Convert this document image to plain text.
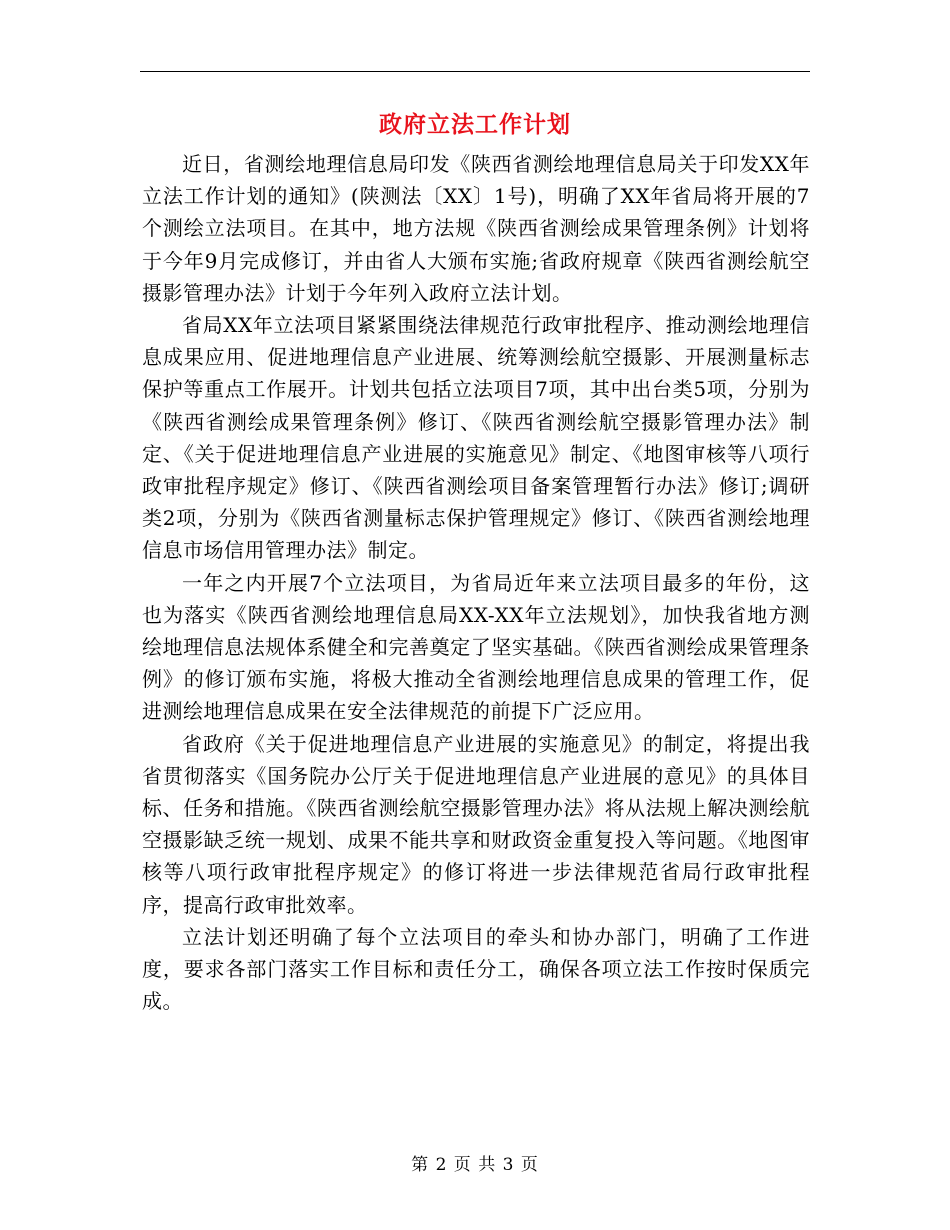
政府立法工作计划

近日，省测绘地理信息局印发《陕西省测绘地理信息局关于印发XX年立法工作计划的通知》(陕测法〔XX〕1号)，明确了XX年省局将开展的7个测绘立法项目。在其中，地方法规《陕西省测绘成果管理条例》计划将于今年9月完成修订，并由省人大颁布实施;省政府规章《陕西省测绘航空摄影管理办法》计划于今年列入政府立法计划。

省局XX年立法项目紧紧围绕法律规范行政审批程序、推动测绘地理信息成果应用、促进地理信息产业进展、统筹测绘航空摄影、开展测量标志保护等重点工作展开。计划共包括立法项目7项，其中出台类5项，分别为《陕西省测绘成果管理条例》修订、《陕西省测绘航空摄影管理办法》制定、《关于促进地理信息产业进展的实施意见》制定、《地图审核等八项行政审批程序规定》修订、《陕西省测绘项目备案管理暂行办法》修订;调研类2项，分别为《陕西省测量标志保护管理规定》修订、《陕西省测绘地理信息市场信用管理办法》制定。

一年之内开展7个立法项目，为省局近年来立法项目最多的年份，这也为落实《陕西省测绘地理信息局XX-XX年立法规划》，加快我省地方测绘地理信息法规体系健全和完善奠定了坚实基础。《陕西省测绘成果管理条例》的修订颁布实施，将极大推动全省测绘地理信息成果的管理工作，促进测绘地理信息成果在安全法律规范的前提下广泛应用。

省政府《关于促进地理信息产业进展的实施意见》的制定，将提出我省贯彻落实《国务院办公厅关于促进地理信息产业进展的意见》的具体目标、任务和措施。《陕西省测绘航空摄影管理办法》将从法规上解决测绘航空摄影缺乏统一规划、成果不能共享和财政资金重复投入等问题。《地图审核等八项行政审批程序规定》的修订将进一步法律规范省局行政审批程序，提高行政审批效率。

立法计划还明确了每个立法项目的牵头和协办部门，明确了工作进度，要求各部门落实工作目标和责任分工，确保各项立法工作按时保质完成。

第 2 页 共 3 页
